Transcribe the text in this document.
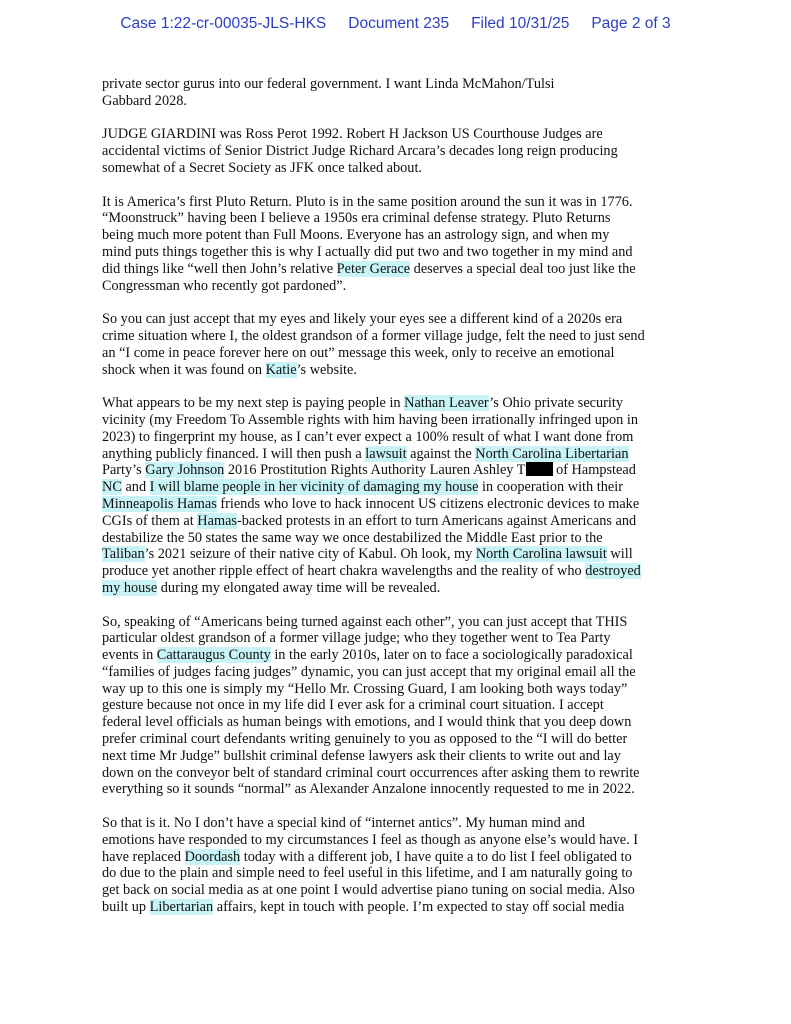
Case 1:22-cr-00035-JLS-HKS Document 235 Filed 10/31/25 Page 2 of 3

private sector gurus into our federal government. I want Linda McMahon/Tulsi

Gabbard 2028.

JUDGE GIARDINI was Ross Perot 1992. Robert H Jackson US Courthouse Judges are

accidental victims of Senior District Judge Richard Arcara’s decades long reign producing

somewhat of a Secret Society as JFK once talked about.

It is America’s first Pluto Return. Pluto is in the same position around the sun it was in 1776.

“Moonstruck” having been I believe a 1950s era criminal defense strategy. Pluto Returns

being much more potent than Full Moons. Everyone has an astrology sign, and when my

mind puts things together this is why I actually did put two and two together in my mind and

did things like “well then John’s relative Peter Gerace deserves a special deal too just like the

Congressman who recently got pardoned”.

So you can just accept that my eyes and likely your eyes see a different kind of a 2020s era

crime situation where I, the oldest grandson of a former village judge, felt the need to just send

an “I come in peace forever here on out” message this week, only to receive an emotional

shock when it was found on Katie’s website.

What appears to be my next step is paying people in Nathan Leaver’s Ohio private security

vicinity (my Freedom To Assemble rights with him having been irrationally infringed upon in

2023) to fingerprint my house, as I can’t ever expect a 100% result of what I want done from

anything publicly financed. I will then push a lawsuit against the North Carolina Libertarian

Party’s Gary Johnson 2016 Prostitution Rights Authority Lauren Ashley T of Hampstead

NC and I will blame people in her vicinity of damaging my house in cooperation with their

Minneapolis Hamas friends who love to hack innocent US citizens electronic devices to make

CGIs of them at Hamas-backed protests in an effort to turn Americans against Americans and

destabilize the 50 states the same way we once destabilized the Middle East prior to the

Taliban’s 2021 seizure of their native city of Kabul. Oh look, my North Carolina lawsuit will

produce yet another ripple effect of heart chakra wavelengths and the reality of who destroyed

my house during my elongated away time will be revealed.

So, speaking of “Americans being turned against each other”, you can just accept that THIS

particular oldest grandson of a former village judge; who they together went to Tea Party

events in Cattaraugus County in the early 2010s, later on to face a sociologically paradoxical

“families of judges facing judges” dynamic, you can just accept that my original email all the

way up to this one is simply my “Hello Mr. Crossing Guard, I am looking both ways today”

gesture because not once in my life did I ever ask for a criminal court situation. I accept

federal level officials as human beings with emotions, and I would think that you deep down

prefer criminal court defendants writing genuinely to you as opposed to the “I will do better

next time Mr Judge” bullshit criminal defense lawyers ask their clients to write out and lay

down on the conveyor belt of standard criminal court occurrences after asking them to rewrite

everything so it sounds “normal” as Alexander Anzalone innocently requested to me in 2022.

So that is it. No I don’t have a special kind of “internet antics”. My human mind and

emotions have responded to my circumstances I feel as though as anyone else’s would have. I

have replaced Doordash today with a different job, I have quite a to do list I feel obligated to

do due to the plain and simple need to feel useful in this lifetime, and I am naturally going to

get back on social media as at one point I would advertise piano tuning on social media. Also

built up Libertarian affairs, kept in touch with people. I’m expected to stay off social media
